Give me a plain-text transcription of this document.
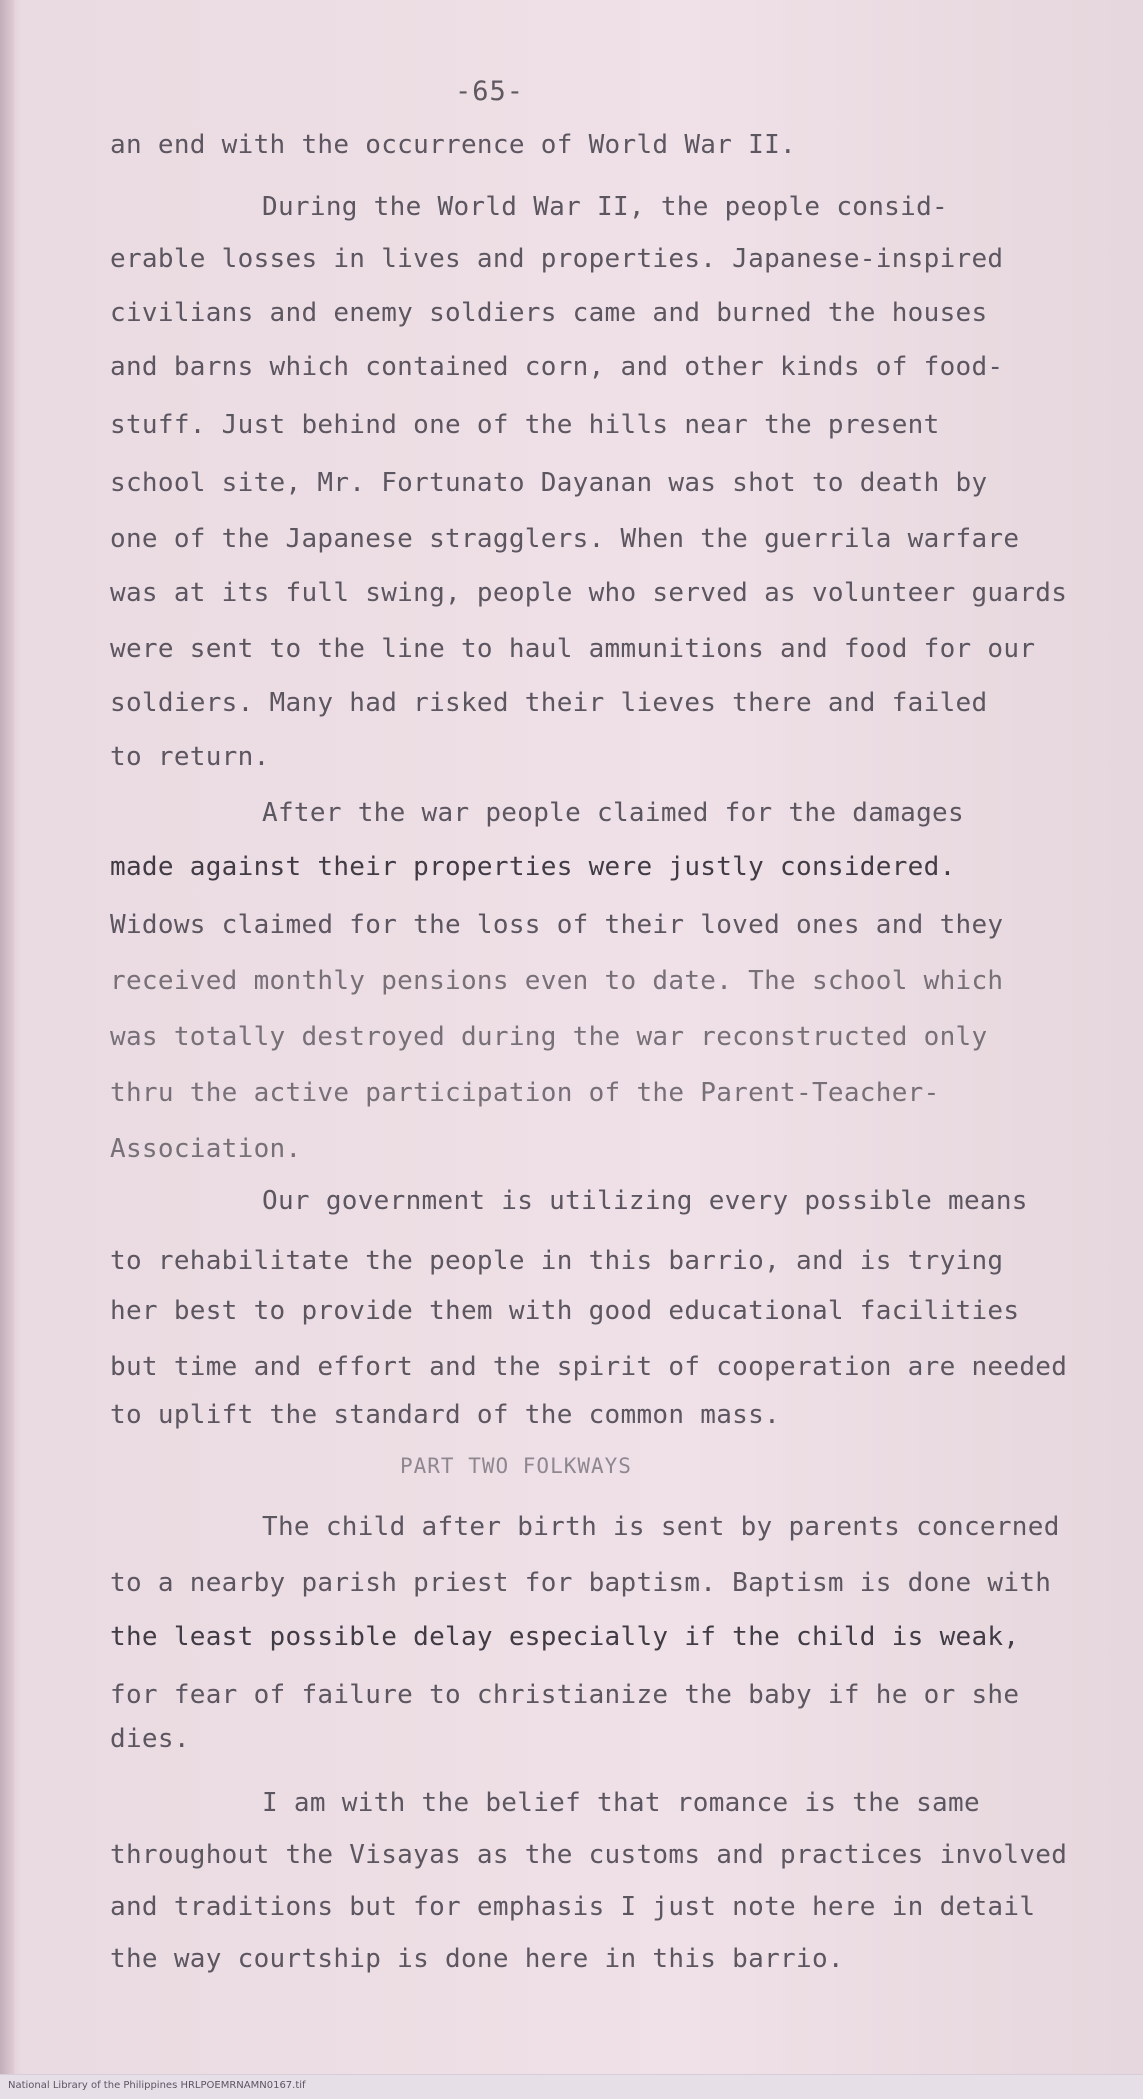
-65-

an end with the occurrence of World War II.

During the World War II, the people consid-

erable losses in lives and properties. Japanese-inspired

civilians and enemy soldiers came and burned the houses

and barns which contained corn, and other kinds of food-

stuff. Just behind one of the hills near the present

school site, Mr. Fortunato Dayanan was shot to death by

one of the Japanese stragglers. When the guerrila warfare

was at its full swing, people who served as volunteer guards

were sent to the line to haul ammunitions and food for our

soldiers. Many had risked their lieves there and failed

to return.

After the war people claimed for the damages

made against their properties were justly considered.

Widows claimed for the loss of their loved ones and they

received monthly pensions even to date. The school which

was totally destroyed during the war reconstructed only

thru the active participation of the Parent-Teacher-

Association.

Our government is utilizing every possible means

to rehabilitate the people in this barrio, and is trying

her best to provide them with good educational facilities

but time and effort and the spirit of cooperation are needed

to uplift the standard of the common mass.

PART TWO FOLKWAYS

The child after birth is sent by parents concerned

to a nearby parish priest for baptism. Baptism is done with

the least possible delay especially if the child is weak,

for fear of failure to christianize the baby if he or she

dies.

I am with the belief that romance is the same

throughout the Visayas as the customs and practices involved

and traditions but for emphasis I just note here in detail

the way courtship is done here in this barrio.

National Library of the Philippines HRLPOEMRNAMN0167.tif
